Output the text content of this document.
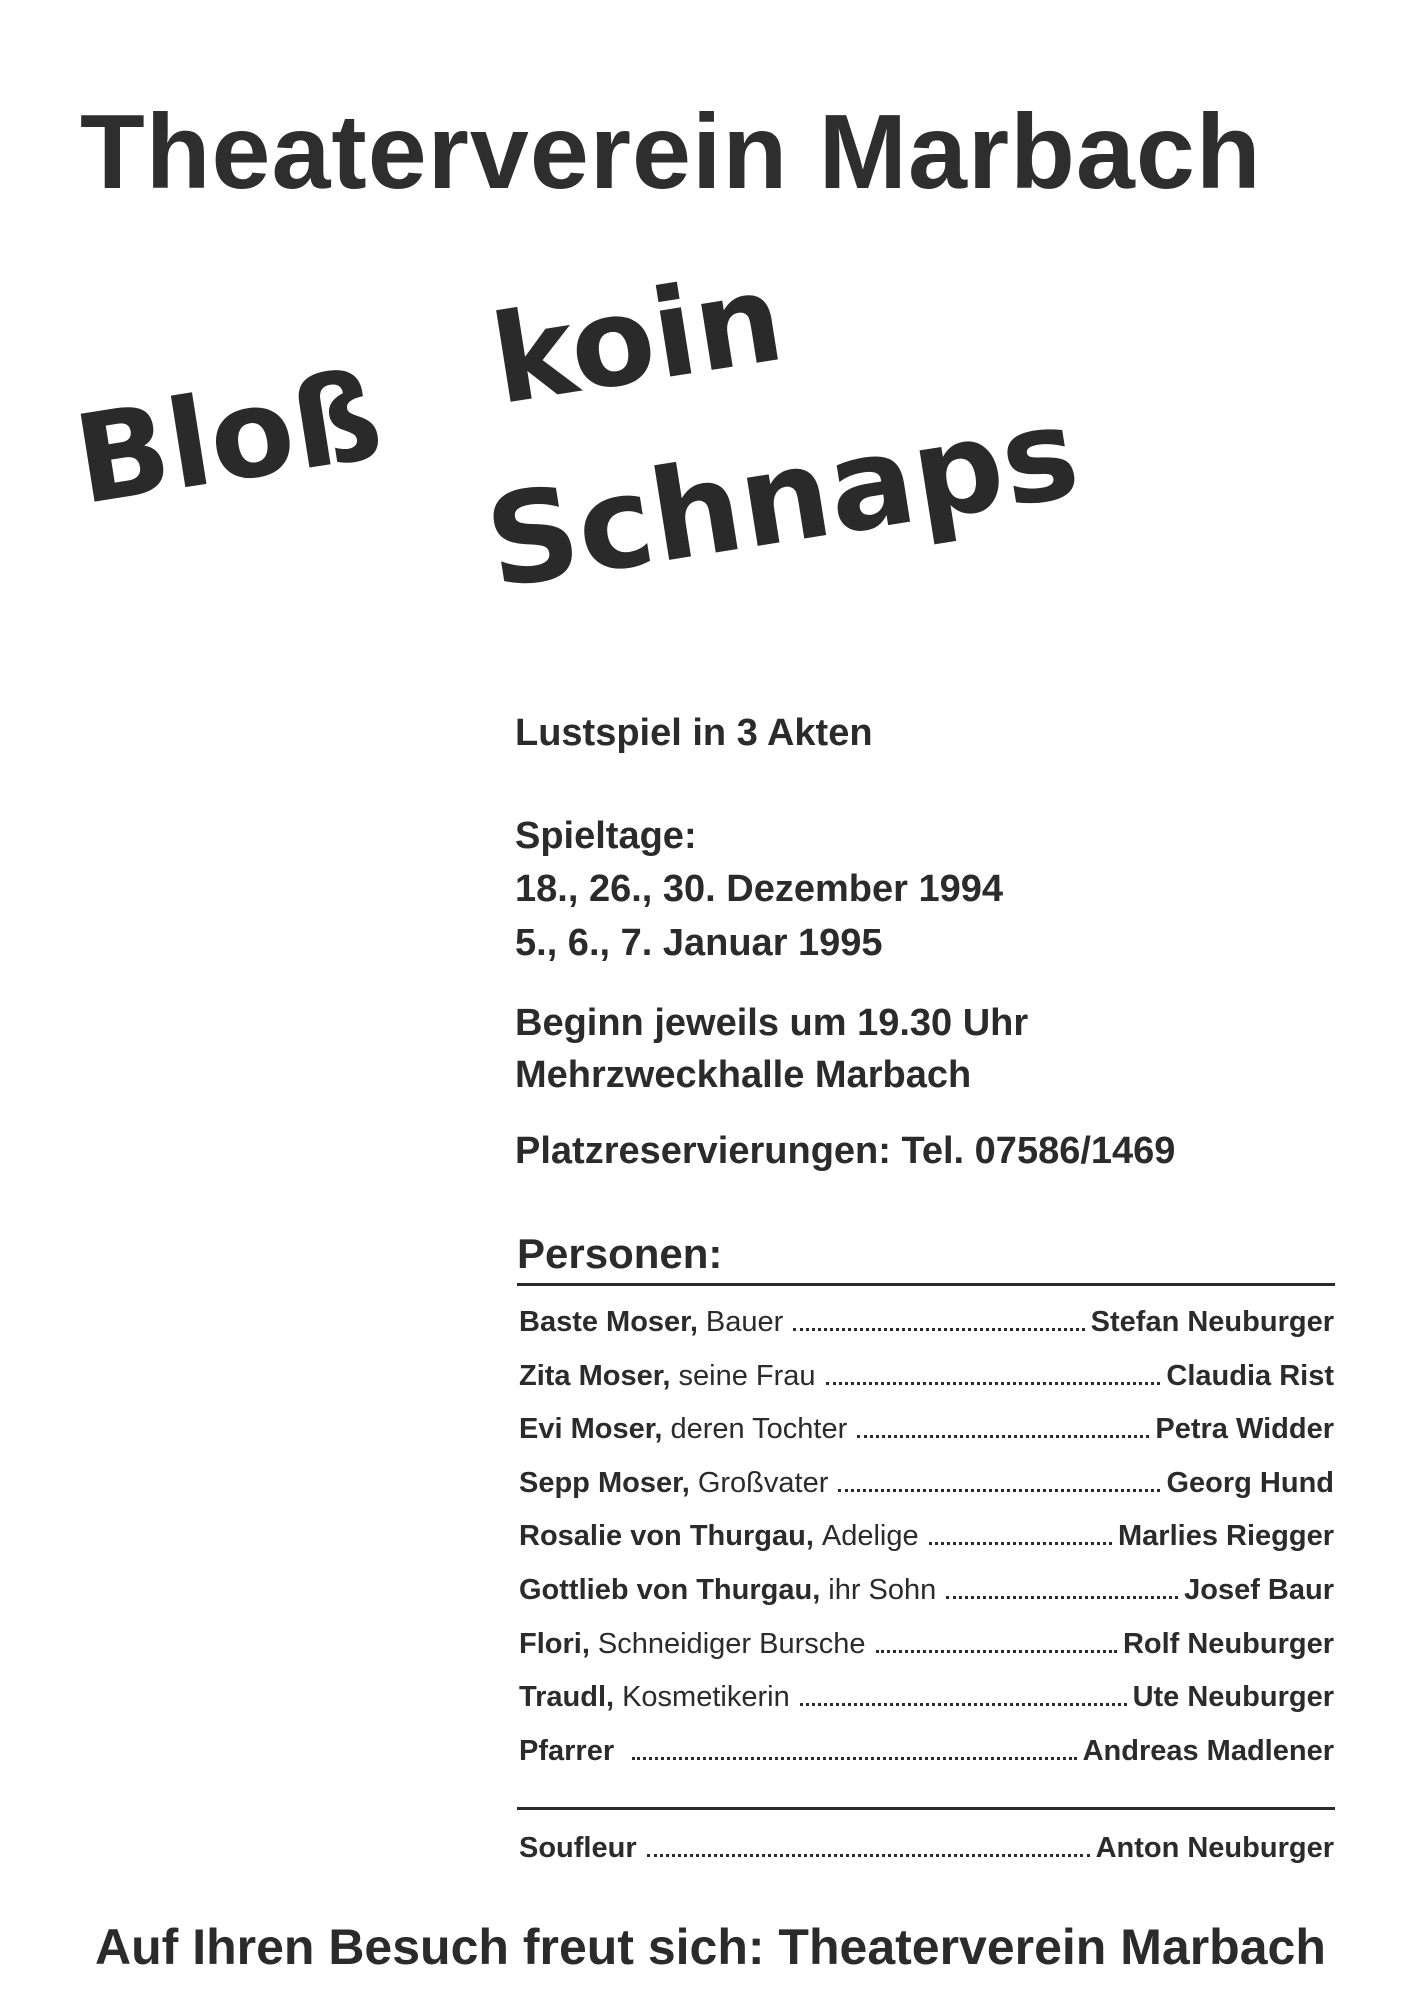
Theaterverein Marbach
Bloß
koin
Schnaps
Lustspiel in 3 Akten
Spieltage:
18., 26., 30. Dezember 1994
5., 6., 7. Januar 1995
Beginn jeweils um 19.30 Uhr
Mehrzweckhalle Marbach
Platzreservierungen: Tel. 07586/1469
Personen:
Baste Moser, Bauer	Stefan Neuburger
Zita Moser, seine Frau	Claudia Rist
Evi Moser, deren Tochter	Petra Widder
Sepp Moser, Großvater	Georg Hund
Rosalie von Thurgau, Adelige	Marlies Riegger
Gottlieb von Thurgau, ihr Sohn	Josef Baur
Flori, Schneidiger Bursche	Rolf Neuburger
Traudl, Kosmetikerin	Ute Neuburger
Pfarrer	Andreas Madlener
Soufleur	Anton Neuburger
Auf Ihren Besuch freut sich: Theaterverein Marbach
